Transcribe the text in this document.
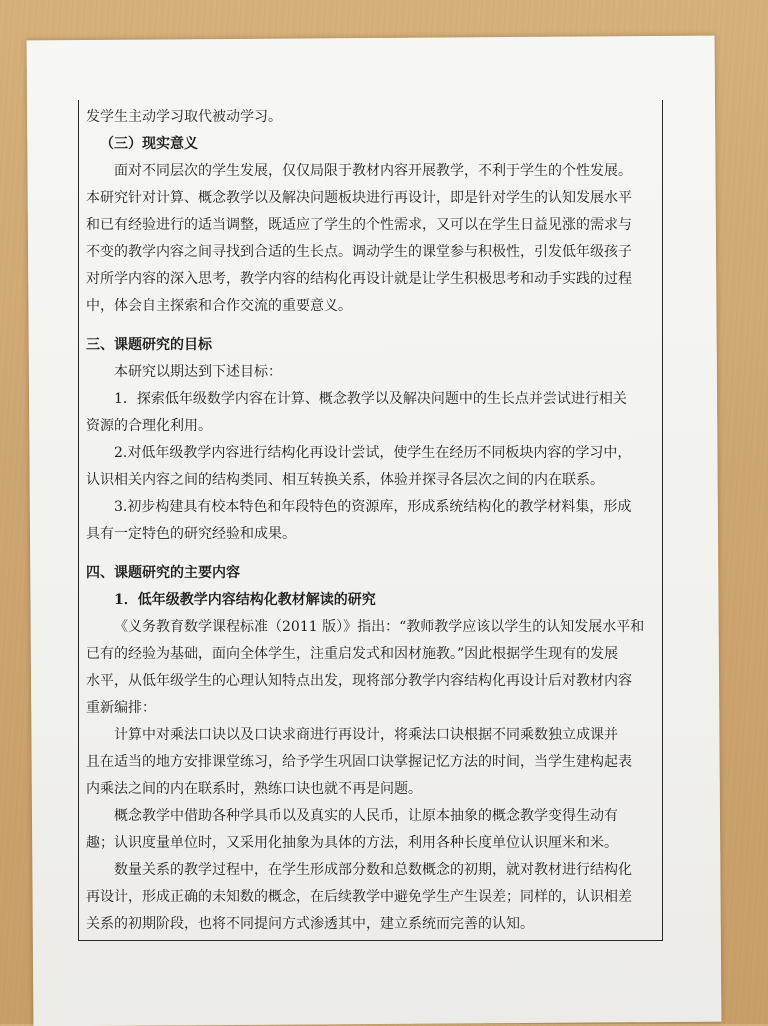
发学生主动学习取代被动学习。
（三）现实意义
面对不同层次的学生发展，仅仅局限于教材内容开展教学，不利于学生的个性发展。
本研究针对计算、概念教学以及解决问题板块进行再设计，即是针对学生的认知发展水平
和已有经验进行的适当调整，既适应了学生的个性需求，又可以在学生日益见涨的需求与
不变的教学内容之间寻找到合适的生长点。调动学生的课堂参与积极性，引发低年级孩子
对所学内容的深入思考，教学内容的结构化再设计就是让学生积极思考和动手实践的过程
中，体会自主探索和合作交流的重要意义。
三、课题研究的目标
本研究以期达到下述目标：
1．探索低年级数学内容在计算、概念教学以及解决问题中的生长点并尝试进行相关
资源的合理化利用。
2.对低年级教学内容进行结构化再设计尝试，使学生在经历不同板块内容的学习中，
认识相关内容之间的结构类同、相互转换关系，体验并探寻各层次之间的内在联系。
3.初步构建具有校本特色和年段特色的资源库，形成系统结构化的教学材料集，形成
具有一定特色的研究经验和成果。
四、课题研究的主要内容
1．低年级教学内容结构化教材解读的研究
《义务教育数学课程标准（2011 版）》指出：“教师教学应该以学生的认知发展水平和
已有的经验为基础，面向全体学生，注重启发式和因材施教。”因此根据学生现有的发展
水平，从低年级学生的心理认知特点出发，现将部分教学内容结构化再设计后对教材内容
重新编排：
计算中对乘法口诀以及口诀求商进行再设计，将乘法口诀根据不同乘数独立成课并
且在适当的地方安排课堂练习，给予学生巩固口诀掌握记忆方法的时间，当学生建构起表
内乘法之间的内在联系时，熟练口诀也就不再是问题。
概念教学中借助各种学具币以及真实的人民币，让原本抽象的概念教学变得生动有
趣；认识度量单位时，又采用化抽象为具体的方法，利用各种长度单位认识厘米和米。
数量关系的教学过程中，在学生形成部分数和总数概念的初期，就对教材进行结构化
再设计，形成正确的未知数的概念，在后续教学中避免学生产生误差；同样的，认识相差
关系的初期阶段，也将不同提问方式渗透其中，建立系统而完善的认知。
